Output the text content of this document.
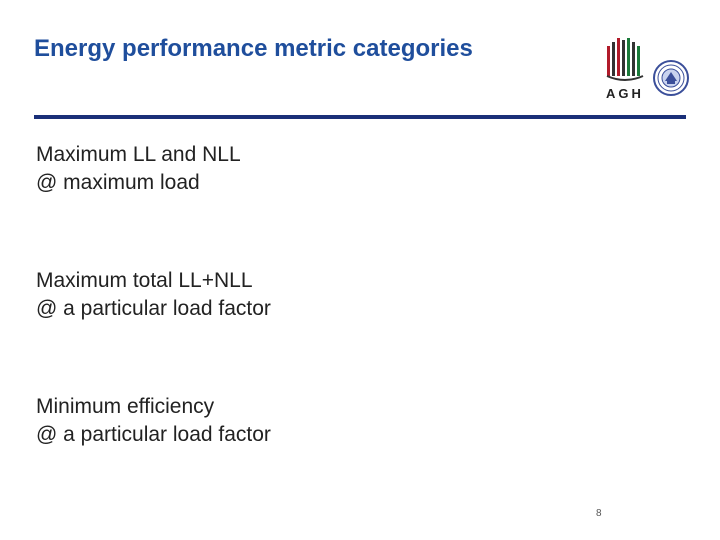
Energy performance metric categories
AGH
Maximum LL and NLL
@ maximum load
Maximum total LL+NLL
@ a particular load factor
Minimum efficiency
@ a particular load factor
8
